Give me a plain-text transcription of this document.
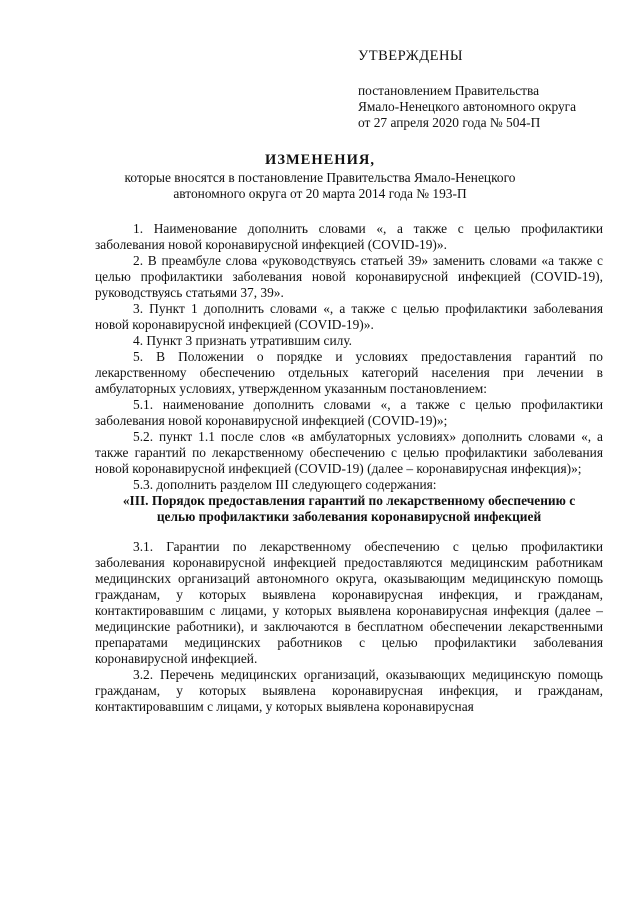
УТВЕРЖДЕНЫ
постановлением Правительства
Ямало-Ненецкого автономного округа
от 27 апреля 2020 года № 504-П
ИЗМЕНЕНИЯ,
которые вносятся в постановление Правительства Ямало-Ненецкого
автономного округа от 20 марта 2014 года № 193-П

1. Наименование дополнить словами «, а также с целью профилактики заболевания новой коронавирусной инфекцией (COVID-19)».

2. В преамбуле слова «руководствуясь статьей 39» заменить словами «а также с целью профилактики заболевания новой коронавирусной инфекцией (COVID-19), руководствуясь статьями 37, 39».

3. Пункт 1 дополнить словами «, а также с целью профилактики заболевания новой коронавирусной инфекцией (COVID-19)».

4. Пункт 3 признать утратившим силу.

5. В Положении о порядке и условиях предоставления гарантий по лекарственному обеспечению отдельных категорий населения при лечении в амбулаторных условиях, утвержденном указанным постановлением:

5.1. наименование дополнить словами «, а также с целью профилактики заболевания новой коронавирусной инфекцией (COVID-19)»;

5.2. пункт 1.1 после слов «в амбулаторных условиях» дополнить словами «, а также гарантий по лекарственному обеспечению с целью профилактики заболевания новой коронавирусной инфекцией (COVID-19) (далее – коронавирусная инфекция)»;

5.3. дополнить разделом III следующего содержания:

«III. Порядок предоставления гарантий по лекарственному обеспечению с целью профилактики заболевания коронавирусной инфекцией

3.1. Гарантии по лекарственному обеспечению с целью профилактики заболевания коронавирусной инфекцией предоставляются медицинским работникам медицинских организаций автономного округа, оказывающим медицинскую помощь гражданам, у которых выявлена коронавирусная инфекция, и гражданам, контактировавшим с лицами, у которых выявлена коронавирусная инфекция (далее – медицинские работники), и заключаются в бесплатном обеспечении лекарственными препаратами медицинских работников с целью профилактики заболевания коронавирусной инфекцией.

3.2. Перечень медицинских организаций, оказывающих медицинскую помощь гражданам, у которых выявлена коронавирусная инфекция, и гражданам, контактировавшим с лицами, у которых выявлена коронавирусная
